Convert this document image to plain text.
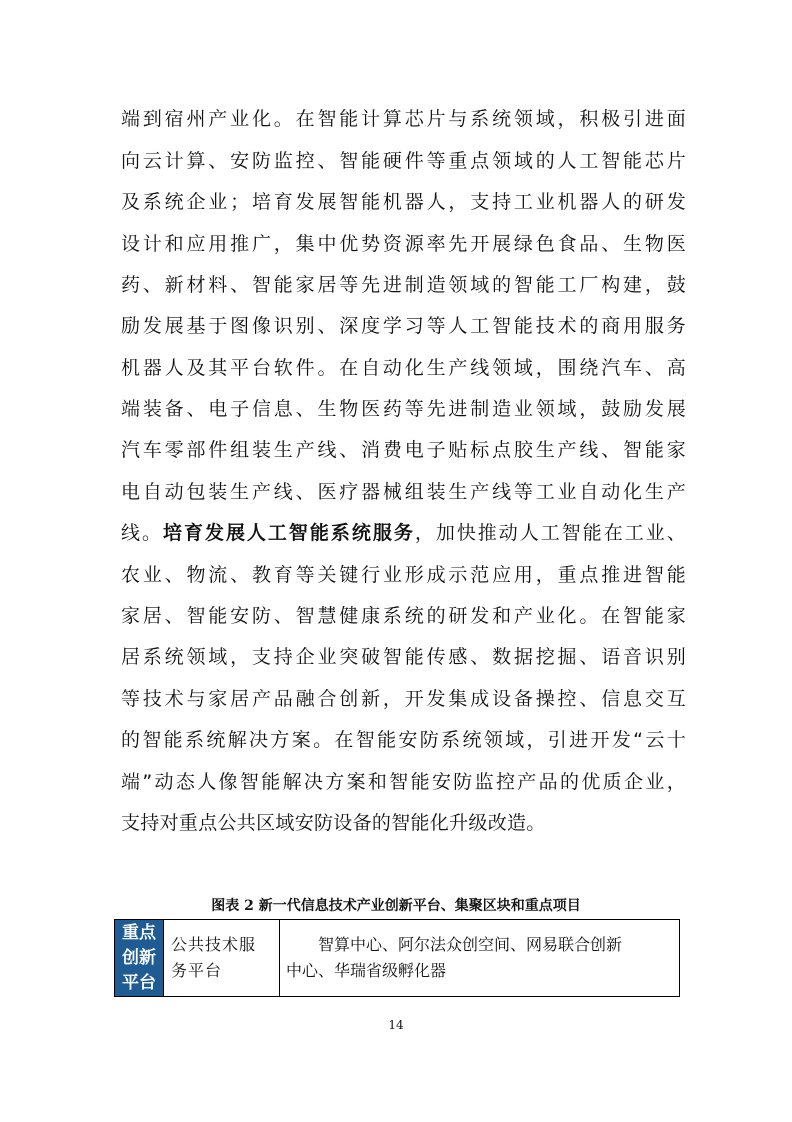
端到宿州产业化。在智能计算芯片与系统领域，积极引进面
向云计算、安防监控、智能硬件等重点领域的人工智能芯片
及系统企业；培育发展智能机器人，支持工业机器人的研发
设计和应用推广，集中优势资源率先开展绿色食品、生物医
药、新材料、智能家居等先进制造领域的智能工厂构建，鼓
励发展基于图像识别、深度学习等人工智能技术的商用服务
机器人及其平台软件。在自动化生产线领域，围绕汽车、高
端装备、电子信息、生物医药等先进制造业领域，鼓励发展
汽车零部件组装生产线、消费电子贴标点胶生产线、智能家
电自动包装生产线、医疗器械组装生产线等工业自动化生产
线。培育发展人工智能系统服务，加快推动人工智能在工业、
农业、物流、教育等关键行业形成示范应用，重点推进智能
家居、智能安防、智慧健康系统的研发和产业化。在智能家
居系统领域，支持企业突破智能传感、数据挖掘、语音识别
等技术与家居产品融合创新，开发集成设备操控、信息交互
的智能系统解决方案。在智能安防系统领域，引进开发“云十
端”动态人像智能解决方案和智能安防监控产品的优质企业，
支持对重点公共区域安防设备的智能化升级改造。
图表 2 新一代信息技术产业创新平台、集聚区块和重点项目
重点
创新
平台
公共技术服
务平台
智算中心、阿尔法众创空间、网易联合创新
中心、华瑞省级孵化器
14
